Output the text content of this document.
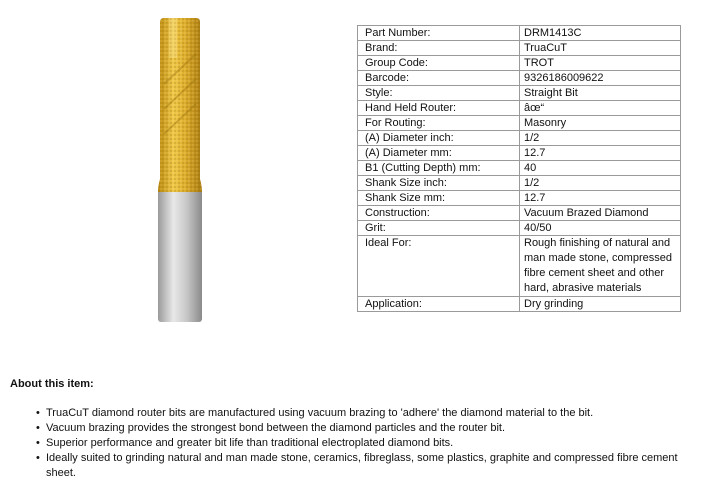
Part Number:	DRM1413C
Brand:	TruaCuT
Group Code:	TROT
Barcode:	9326186009622
Style:	Straight Bit
Hand Held Router:	âœ“
For Routing:	Masonry
(A) Diameter inch:	1/2
(A) Diameter mm:	12.7
B1 (Cutting Depth) mm:	40
Shank Size inch:	1/2
Shank Size mm:	12.7
Construction:	Vacuum Brazed Diamond
Grit:	40/50
Ideal For:	Rough finishing of natural and man made stone, compressed fibre cement sheet and other hard, abrasive materials
Application:	Dry grinding
About this item:
• TruaCuT diamond router bits are manufactured using vacuum brazing to 'adhere' the diamond material to the bit.
• Vacuum brazing provides the strongest bond between the diamond particles and the router bit.
• Superior performance and greater bit life than traditional electroplated diamond bits.
• Ideally suited to grinding natural and man made stone, ceramics, fibreglass, some plastics, graphite and compressed fibre cement sheet.
